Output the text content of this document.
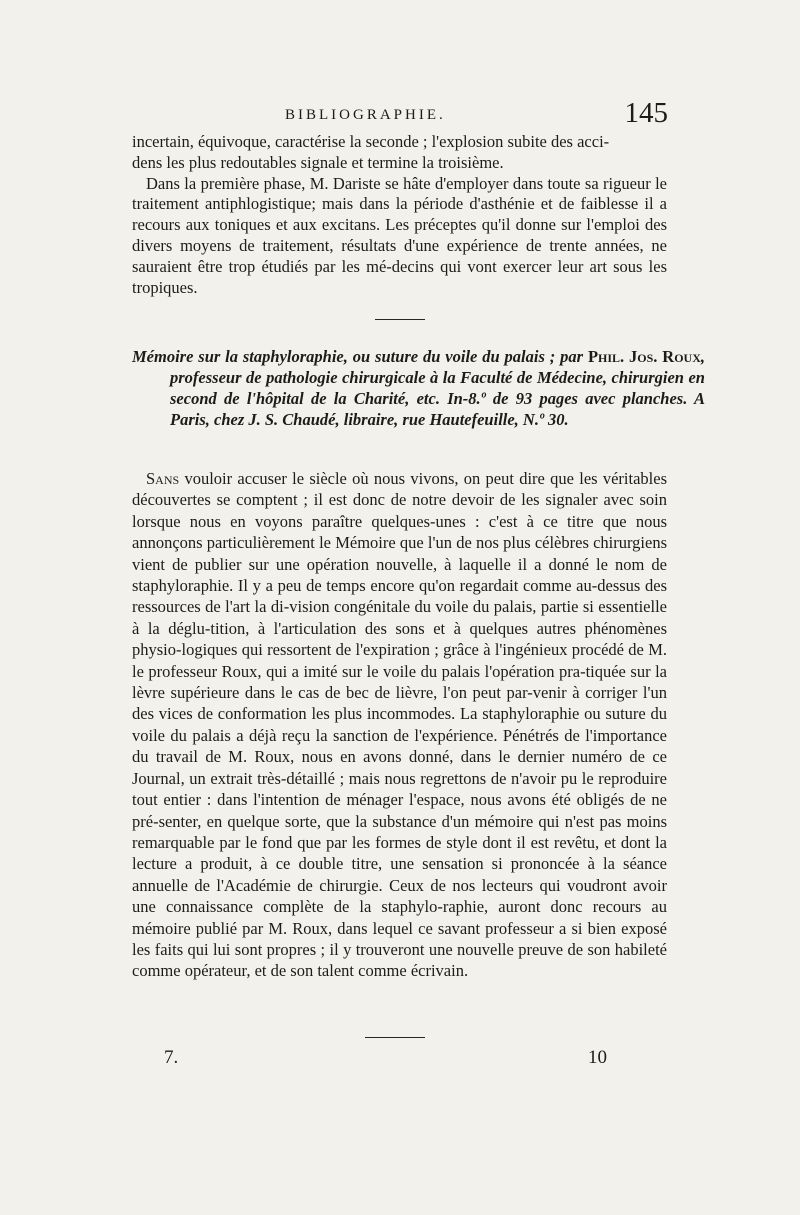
BIBLIOGRAPHIE.	145
incertain, équivoque, caractérise la seconde ; l'explosion subite des acci-
dens les plus redoutables signale et termine la troisième.
Dans la première phase, M. Dariste se hâte d'employer dans toute sa rigueur le traitement antiphlogistique; mais dans la période d'asthénie et de faiblesse il a recours aux toniques et aux excitans. Les préceptes qu'il donne sur l'emploi des divers moyens de traitement, résultats d'une expérience de trente années, ne sauraient être trop étudiés par les mé-decins qui vont exercer leur art sous les tropiques.
Mémoire sur la staphyloraphie, ou suture du voile du palais ; par Phil. Jos. Roux, professeur de pathologie chirurgicale à la Faculté de Médecine, chirurgien en second de l'hôpital de la Charité, etc. In-8.º de 93 pages avec planches. A Paris, chez J. S. Chaudé, libraire, rue Hautefeuille, N.º 30.
Sans vouloir accuser le siècle où nous vivons, on peut dire que les véritables découvertes se comptent ; il est donc de notre devoir de les signaler avec soin lorsque nous en voyons paraître quelques-unes : c'est à ce titre que nous annonçons particulièrement le Mémoire que l'un de nos plus célèbres chirurgiens vient de publier sur une opération nouvelle, à laquelle il a donné le nom de staphyloraphie. Il y a peu de temps encore qu'on regardait comme au-dessus des ressources de l'art la di-vision congénitale du voile du palais, partie si essentielle à la déglu-tition, à l'articulation des sons et à quelques autres phénomènes physio-logiques qui ressortent de l'expiration ; grâce à l'ingénieux procédé de M. le professeur Roux, qui a imité sur le voile du palais l'opération pra-tiquée sur la lèvre supérieure dans le cas de bec de lièvre, l'on peut par-venir à corriger l'un des vices de conformation les plus incommodes. La staphyloraphie ou suture du voile du palais a déjà reçu la sanction de l'expérience. Pénétrés de l'importance du travail de M. Roux, nous en avons donné, dans le dernier numéro de ce Journal, un extrait très-détaillé ; mais nous regrettons de n'avoir pu le reproduire tout entier : dans l'intention de ménager l'espace, nous avons été obligés de ne pré-senter, en quelque sorte, que la substance d'un mémoire qui n'est pas moins remarquable par le fond que par les formes de style dont il est revêtu, et dont la lecture a produit, à ce double titre, une sensation si prononcée à la séance annuelle de l'Académie de chirurgie. Ceux de nos lecteurs qui voudront avoir une connaissance complète de la staphylo-raphie, auront donc recours au mémoire publié par M. Roux, dans lequel ce savant professeur a si bien exposé les faits qui lui sont propres ; il y trouveront une nouvelle preuve de son habileté comme opérateur, et de son talent comme écrivain.
7.	10
